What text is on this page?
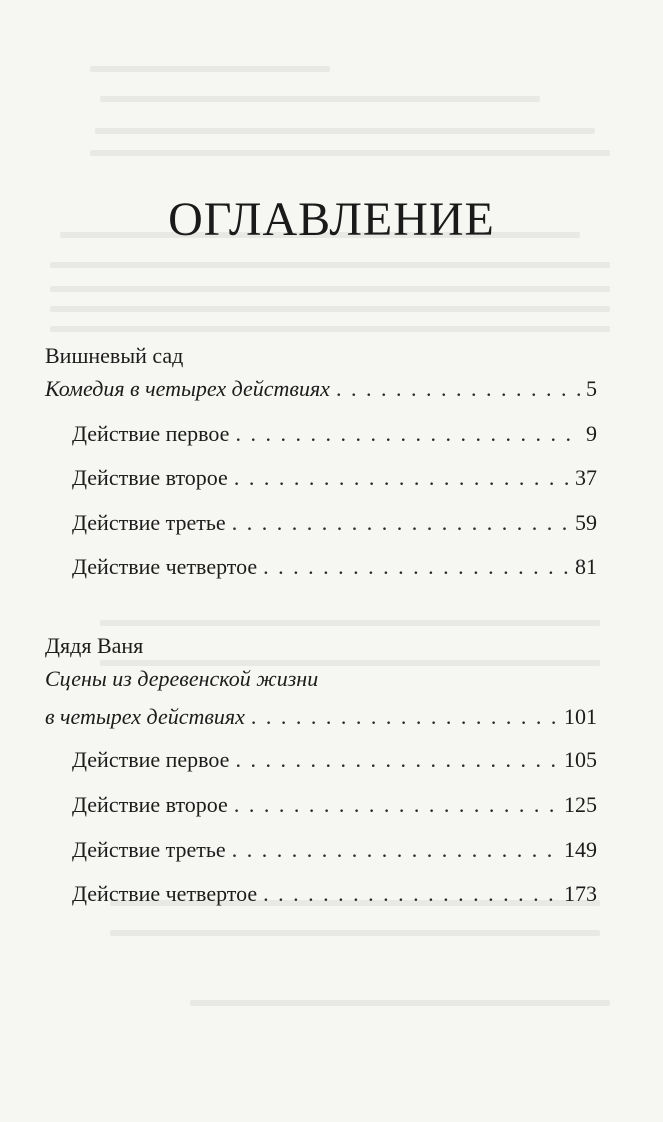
ОГЛАВЛЕНИЕ
Вишневый сад
Комедия в четырех действиях . . .	5
Действие первое . . .	9
Действие второе . . .	37
Действие третье . . .	59
Действие четвертое . . .	81
Дядя Ваня
Сцены из деревенской жизни
в четырех действиях . . .	101
Действие первое . . .	105
Действие второе . . .	125
Действие третье . . .	149
Действие четвертое . . .	173
